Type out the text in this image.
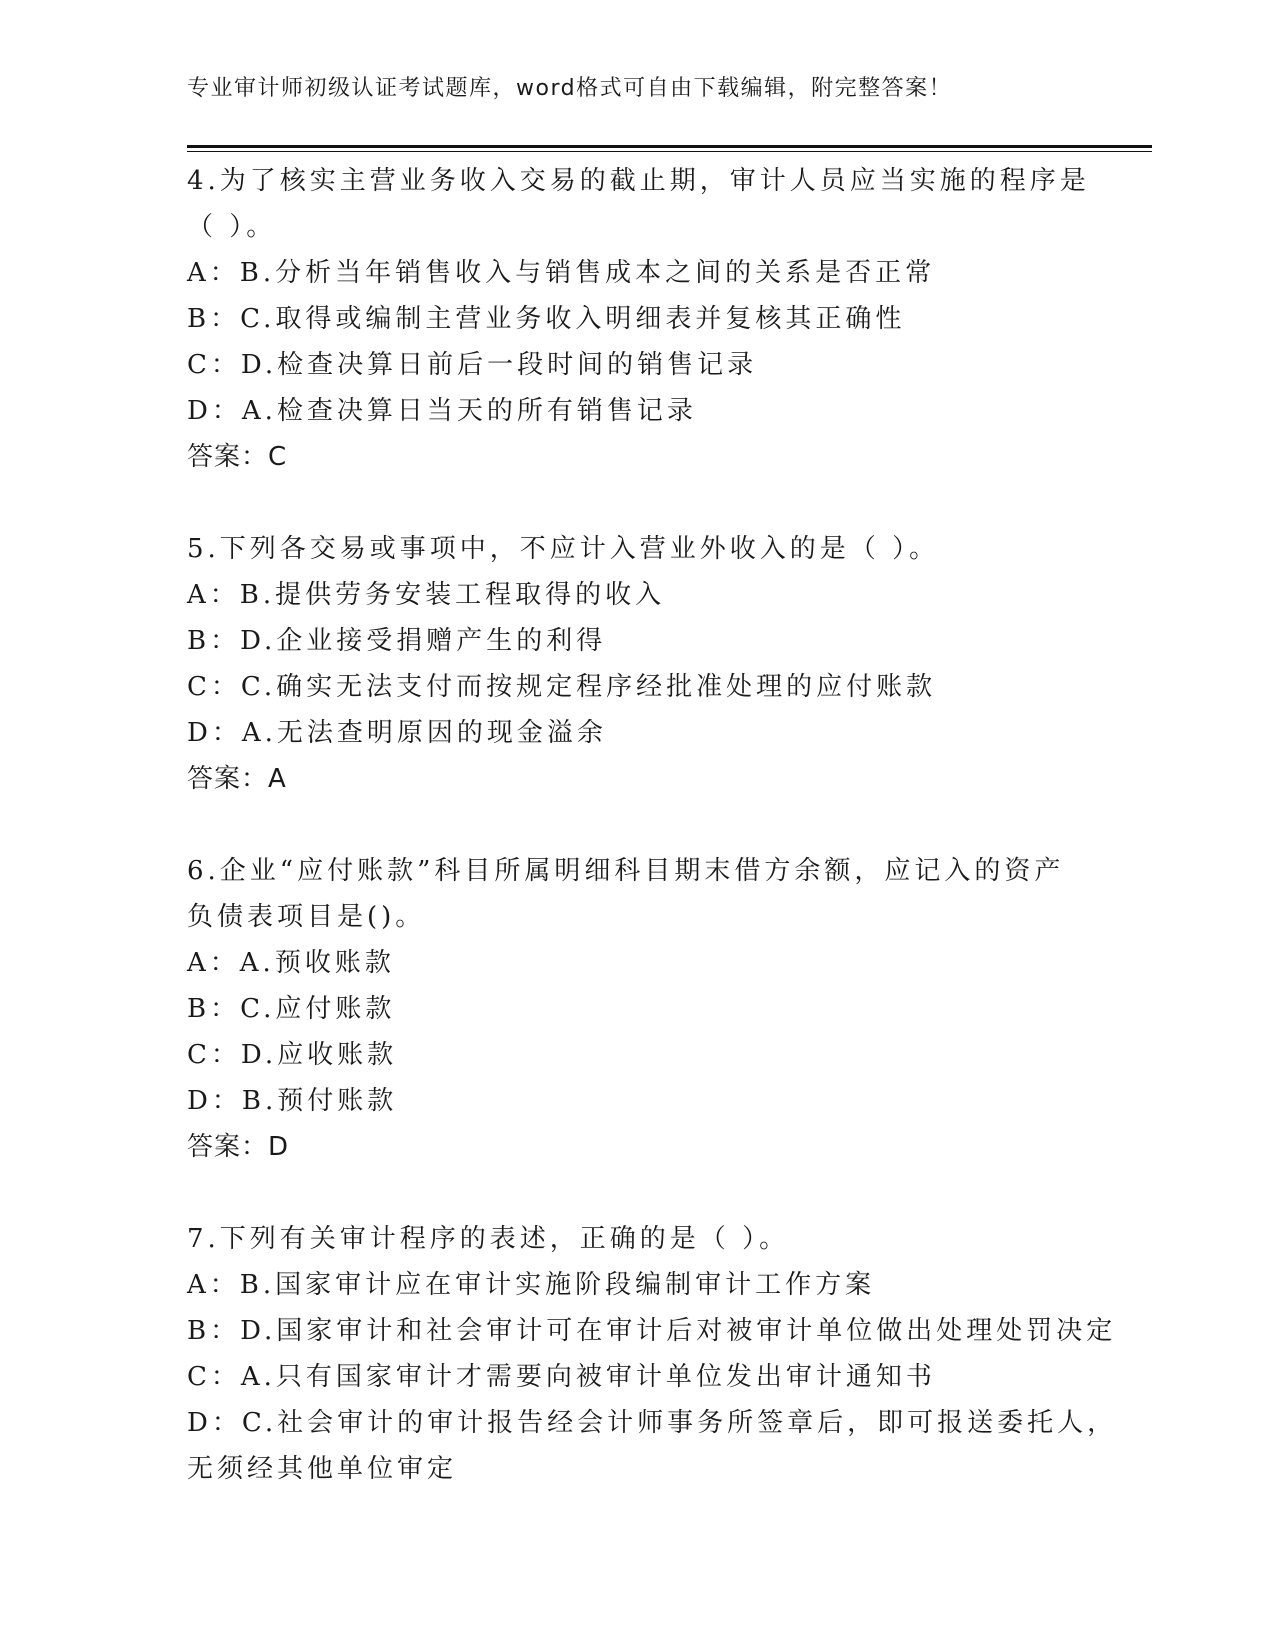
专业审计师初级认证考试题库，word格式可自由下载编辑，附完整答案！
4.为了核实主营业务收入交易的截止期，审计人员应当实施的程序是
（ ）。
A：B.分析当年销售收入与销售成本之间的关系是否正常
B：C.取得或编制主营业务收入明细表并复核其正确性
C：D.检查决算日前后一段时间的销售记录
D：A.检查决算日当天的所有销售记录
答案：C
5.下列各交易或事项中，不应计入营业外收入的是（ ）。
A：B.提供劳务安装工程取得的收入
B：D.企业接受捐赠产生的利得
C：C.确实无法支付而按规定程序经批准处理的应付账款
D：A.无法查明原因的现金溢余
答案：A
6.企业“应付账款”科目所属明细科目期末借方余额，应记入的资产
负债表项目是()。
A：A.预收账款
B：C.应付账款
C：D.应收账款
D：B.预付账款
答案：D
7.下列有关审计程序的表述，正确的是（ ）。
A：B.国家审计应在审计实施阶段编制审计工作方案
B：D.国家审计和社会审计可在审计后对被审计单位做出处理处罚决定
C：A.只有国家审计才需要向被审计单位发出审计通知书
D：C.社会审计的审计报告经会计师事务所签章后，即可报送委托人，
无须经其他单位审定
